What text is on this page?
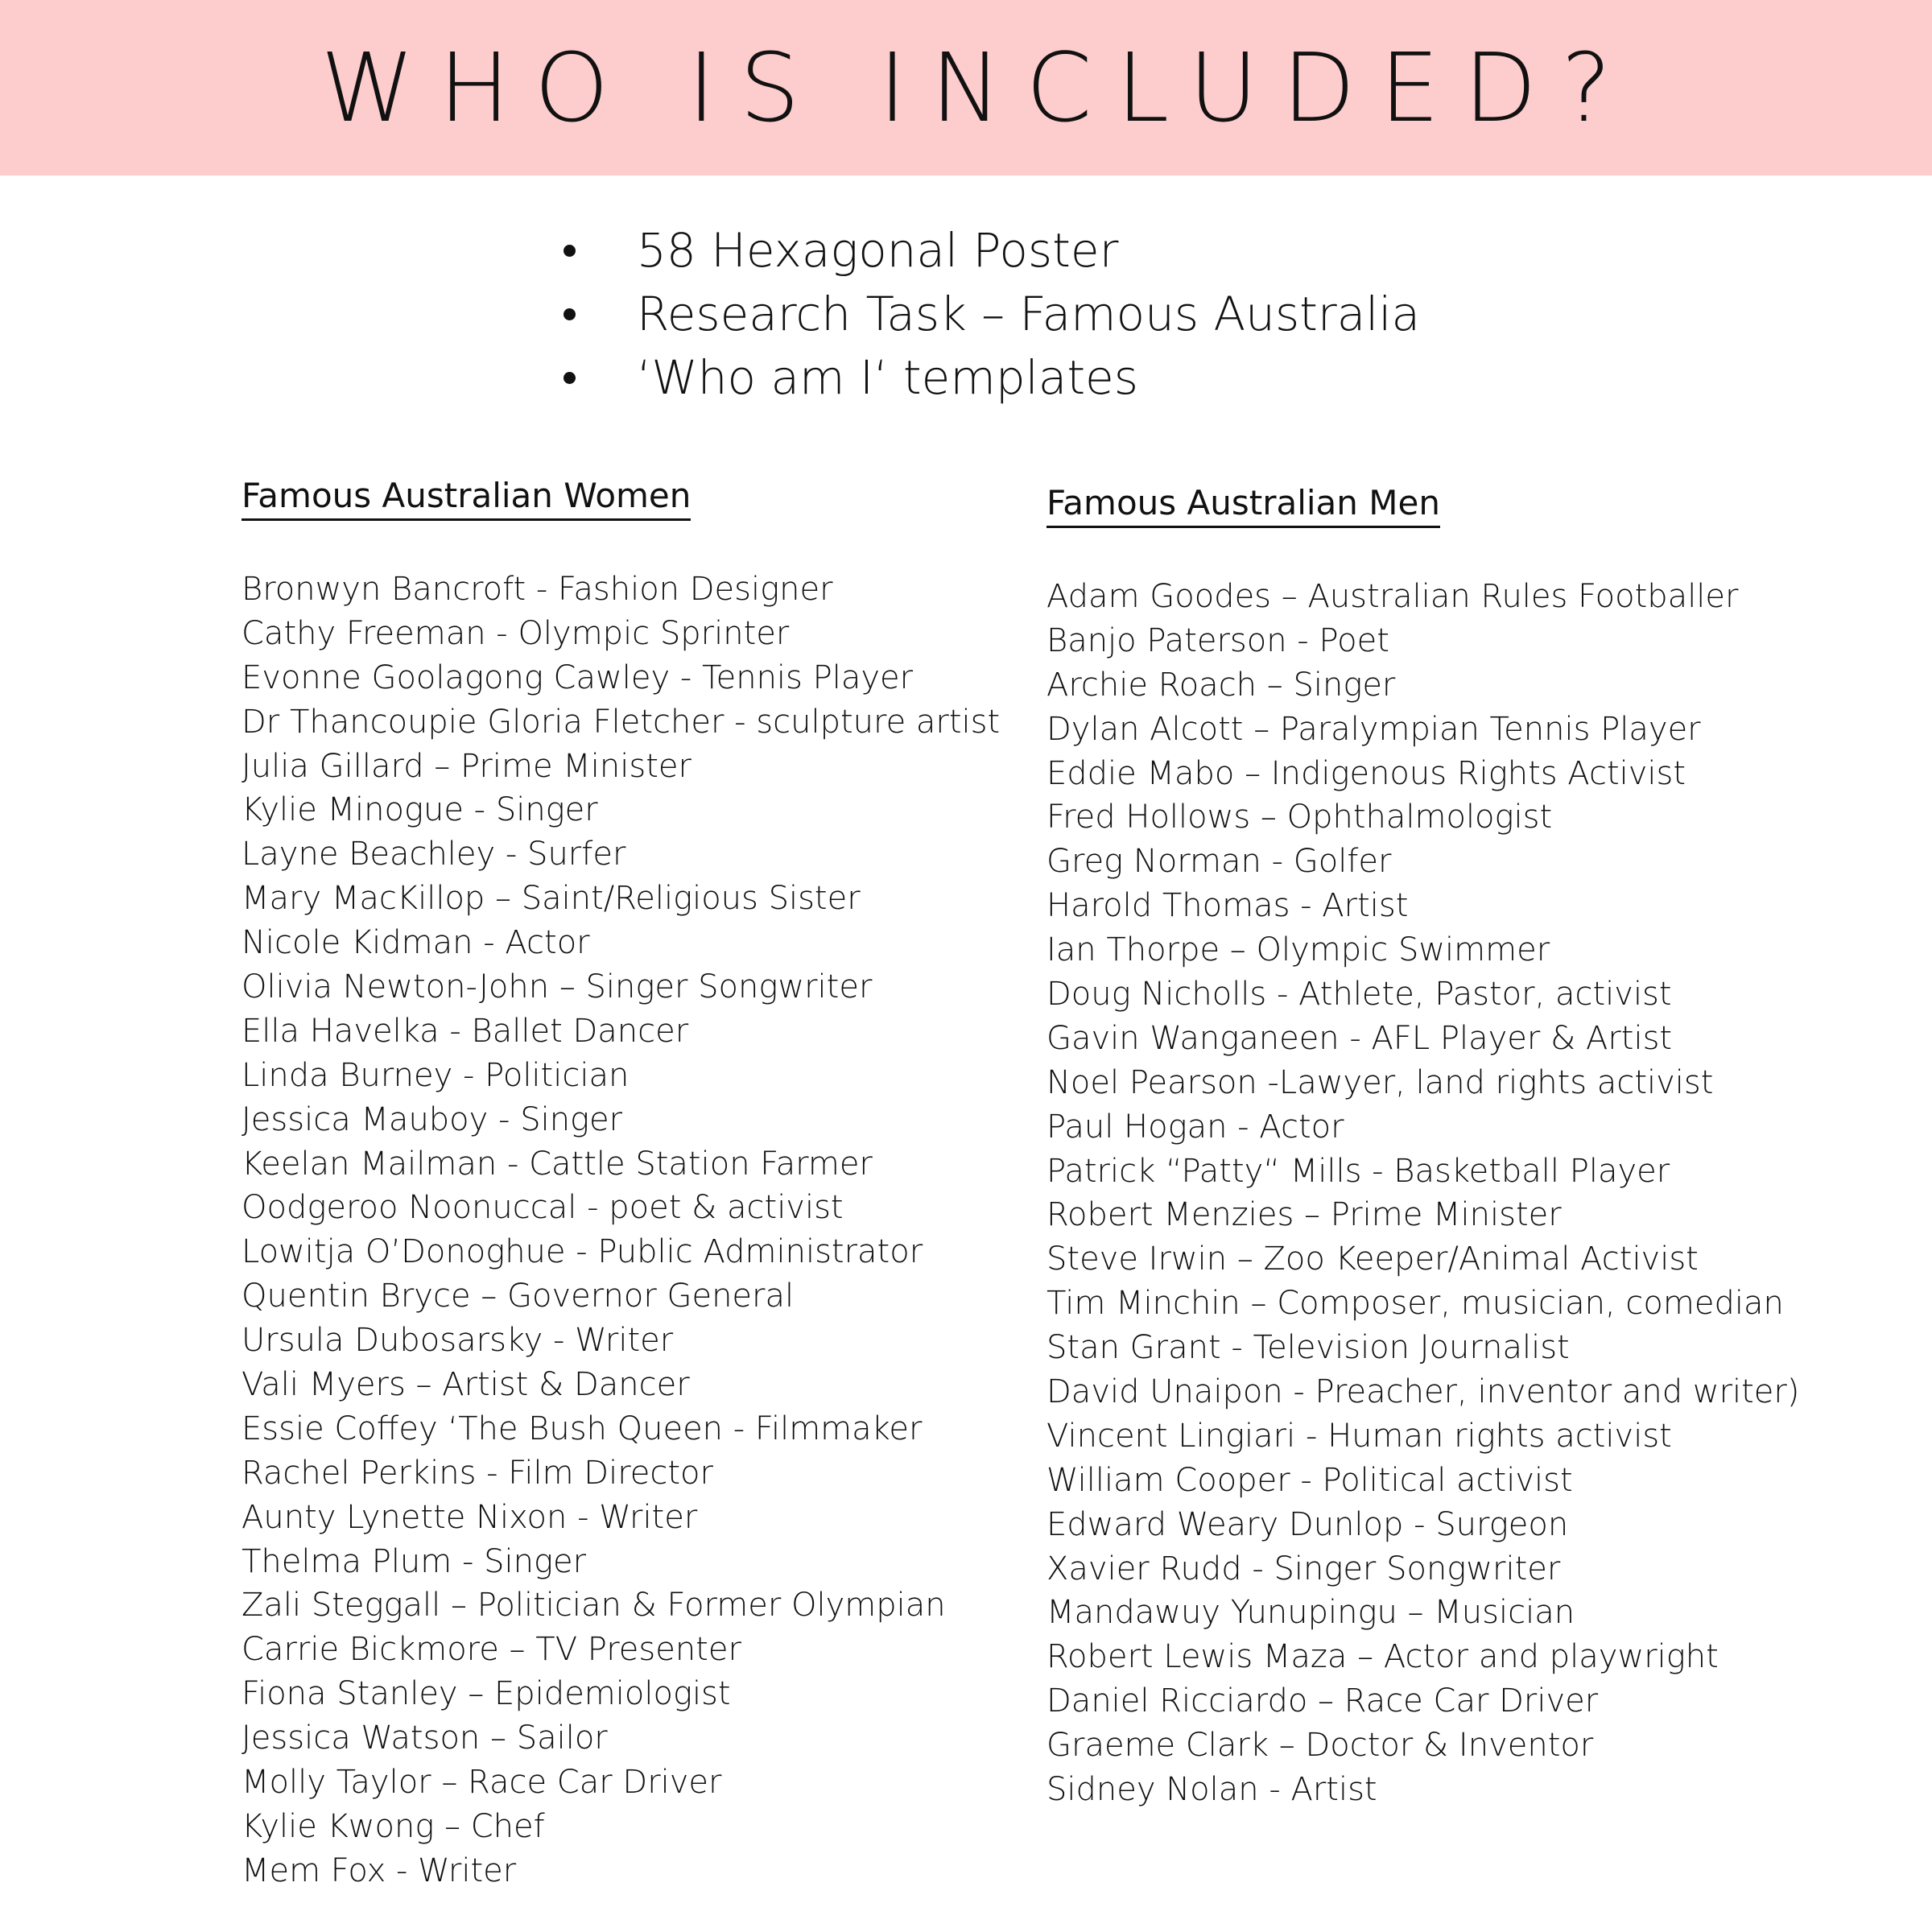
WHO IS INCLUDED?
58 Hexagonal Poster
Research Task – Famous Australia
‘Who am I‘ templates
Famous Australian Women
Bronwyn Bancroft - Fashion Designer
Cathy Freeman - Olympic Sprinter
Evonne Goolagong Cawley - Tennis Player
Dr Thancoupie Gloria Fletcher - sculpture artist
Julia Gillard – Prime Minister
Kylie Minogue - Singer
Layne Beachley - Surfer
Mary MacKillop – Saint/Religious Sister
Nicole Kidman - Actor
Olivia Newton-John – Singer Songwriter
Ella Havelka - Ballet Dancer
Linda Burney - Politician
Jessica Mauboy - Singer
Keelan Mailman - Cattle Station Farmer
Oodgeroo Noonuccal - poet & activist
Lowitja O’Donoghue - Public Administrator
Quentin Bryce – Governor General
Ursula Dubosarsky - Writer
Vali Myers – Artist & Dancer
Essie Coffey ‘The Bush Queen - Filmmaker
Rachel Perkins - Film Director
Aunty Lynette Nixon - Writer
Thelma Plum - Singer
Zali Steggall – Politician & Former Olympian
Carrie Bickmore – TV Presenter
Fiona Stanley – Epidemiologist
Jessica Watson – Sailor
Molly Taylor – Race Car Driver
Kylie Kwong – Chef
Mem Fox - Writer
Famous Australian Men
Adam Goodes – Australian Rules Footballer
Banjo Paterson - Poet
Archie Roach – Singer
Dylan Alcott – Paralympian Tennis Player
Eddie Mabo – Indigenous Rights Activist
Fred Hollows – Ophthalmologist
Greg Norman - Golfer
Harold Thomas - Artist
Ian Thorpe – Olympic Swimmer
Doug Nicholls - Athlete, Pastor, activist
Gavin Wanganeen - AFL Player & Artist
Noel Pearson -Lawyer, land rights activist
Paul Hogan - Actor
Patrick “Patty“ Mills - Basketball Player
Robert Menzies – Prime Minister
Steve Irwin – Zoo Keeper/Animal Activist
Tim Minchin – Composer, musician, comedian
Stan Grant - Television Journalist
David Unaipon - Preacher, inventor and writer)
Vincent Lingiari - Human rights activist
William Cooper - Political activist
Edward Weary Dunlop - Surgeon
Xavier Rudd - Singer Songwriter
Mandawuy Yunupingu – Musician
Robert Lewis Maza – Actor and playwright
Daniel Ricciardo – Race Car Driver
Graeme Clark – Doctor & Inventor
Sidney Nolan - Artist
